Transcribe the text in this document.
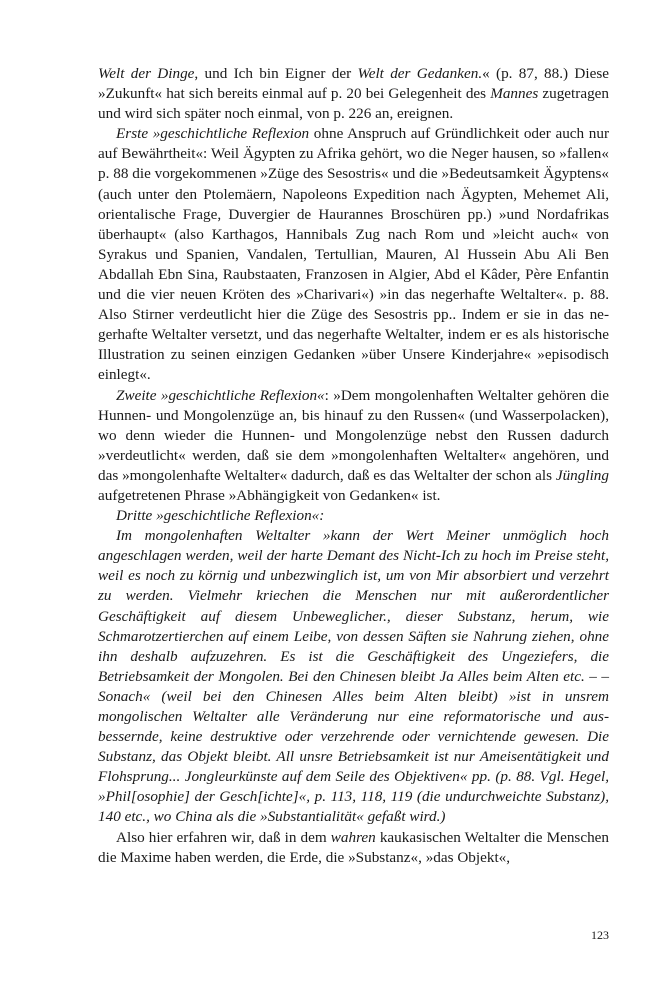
Welt der Dinge, und Ich bin Eigner der Welt der Gedanken.« (p. 87, 88.) Diese »Zukunft« hat sich bereits einmal auf p. 20 bei Gelegenheit des Mannes zugetragen und wird sich später noch einmal, von p. 226 an, ereignen.

Erste »geschichtliche Reflexion ohne Anspruch auf Gründlichkeit oder auch nur auf Bewährtheit«: Weil Ägypten zu Afrika gehört, wo die Neger hausen, so »fallen« p. 88 die vorgekommenen »Züge des Sesostris« und die »Bedeutsamkeit Ägyptens« (auch unter den Ptolemäern, Napoleons Expedition nach Ägypten, Mehemet Ali, orientalische Frage, Duvergier de Haurannes Broschüren pp.) »und Nordafrikas überhaupt« (also Karthagos, Hannibals Zug nach Rom und »leicht auch« von Syrakus und Spanien, Vandalen, Tertullian, Mauren, Al Hussein Abu Ali Ben Abdallah Ebn Sina, Raubstaaten, Franzosen in Algier, Abd el Kâder, Père Enfantin und die vier neuen Kröten des »Charivari«) »in das negerhafte Weltalter«. p. 88. Also Stirner verdeutlicht hier die Züge des Sesostris pp.. Indem er sie in das negerhafte Weltalter versetzt, und das negerhafte Weltalter, indem er es als historische Illustration zu seinen einzigen Gedanken »über Unsere Kinderjahre« »episodisch einlegt«.

Zweite »geschichtliche Reflexion«: »Dem mongolenhaften Weltalter gehören die Hunnen- und Mongolenzüge an, bis hinauf zu den Russen« (und Wasserpolacken), wo denn wieder die Hunnen- und Mongolenzüge nebst den Russen dadurch »verdeutlicht« werden, daß sie dem »mongolenhaften Weltalter« angehören, und das »mongolenhafte Weltalter« dadurch, daß es das Weltalter der schon als Jüngling aufgetretenen Phrase »Abhängigkeit von Gedanken« ist.

Dritte »geschichtliche Reflexion«:

Im mongolenhaften Weltalter »kann der Wert Meiner unmöglich hoch angeschlagen werden, weil der harte Demant des Nicht-Ich zu hoch im Preise steht, weil es noch zu körnig und unbezwinglich ist, um von Mir absorbiert und verzehrt zu werden. Vielmehr kriechen die Menschen nur mit außerordentlicher Geschäftigkeit auf diesem Unbeweglicher., dieser Substanz, herum, wie Schmarotzertierchen auf einem Leibe, von dessen Säften sie Nahrung ziehen, ohne ihn deshalb aufzuzehren. Es ist die Geschäftigkeit des Ungeziefers, die Betriebsamkeit der Mongolen. Bei den Chinesen bleibt Ja Alles beim Alten etc. – – Sonach« (weil bei den Chinesen Alles beim Alten bleibt) »ist in unsrem mongolischen Weltalter alle Veränderung nur eine reformatorische und ausbessernde, keine destruktive oder verzehrende oder vernichtende gewesen. Die Substanz, das Objekt bleibt. All unsre Betriebsamkeit ist nur Ameisentätigkeit und Flohsprung... Jongleurkünste auf dem Seile des Objektiven« pp. (p. 88. Vgl. Hegel, »Phil[osophie] der Gesch[ichte]«, p. 113, 118, 119 (die undurchweichte Substanz), 140 etc., wo China als die »Substantialität« gefaßt wird.)

Also hier erfahren wir, daß in dem wahren kaukasischen Weltalter die Menschen die Maxime haben werden, die Erde, die »Substanz«, »das Objekt«,

123
